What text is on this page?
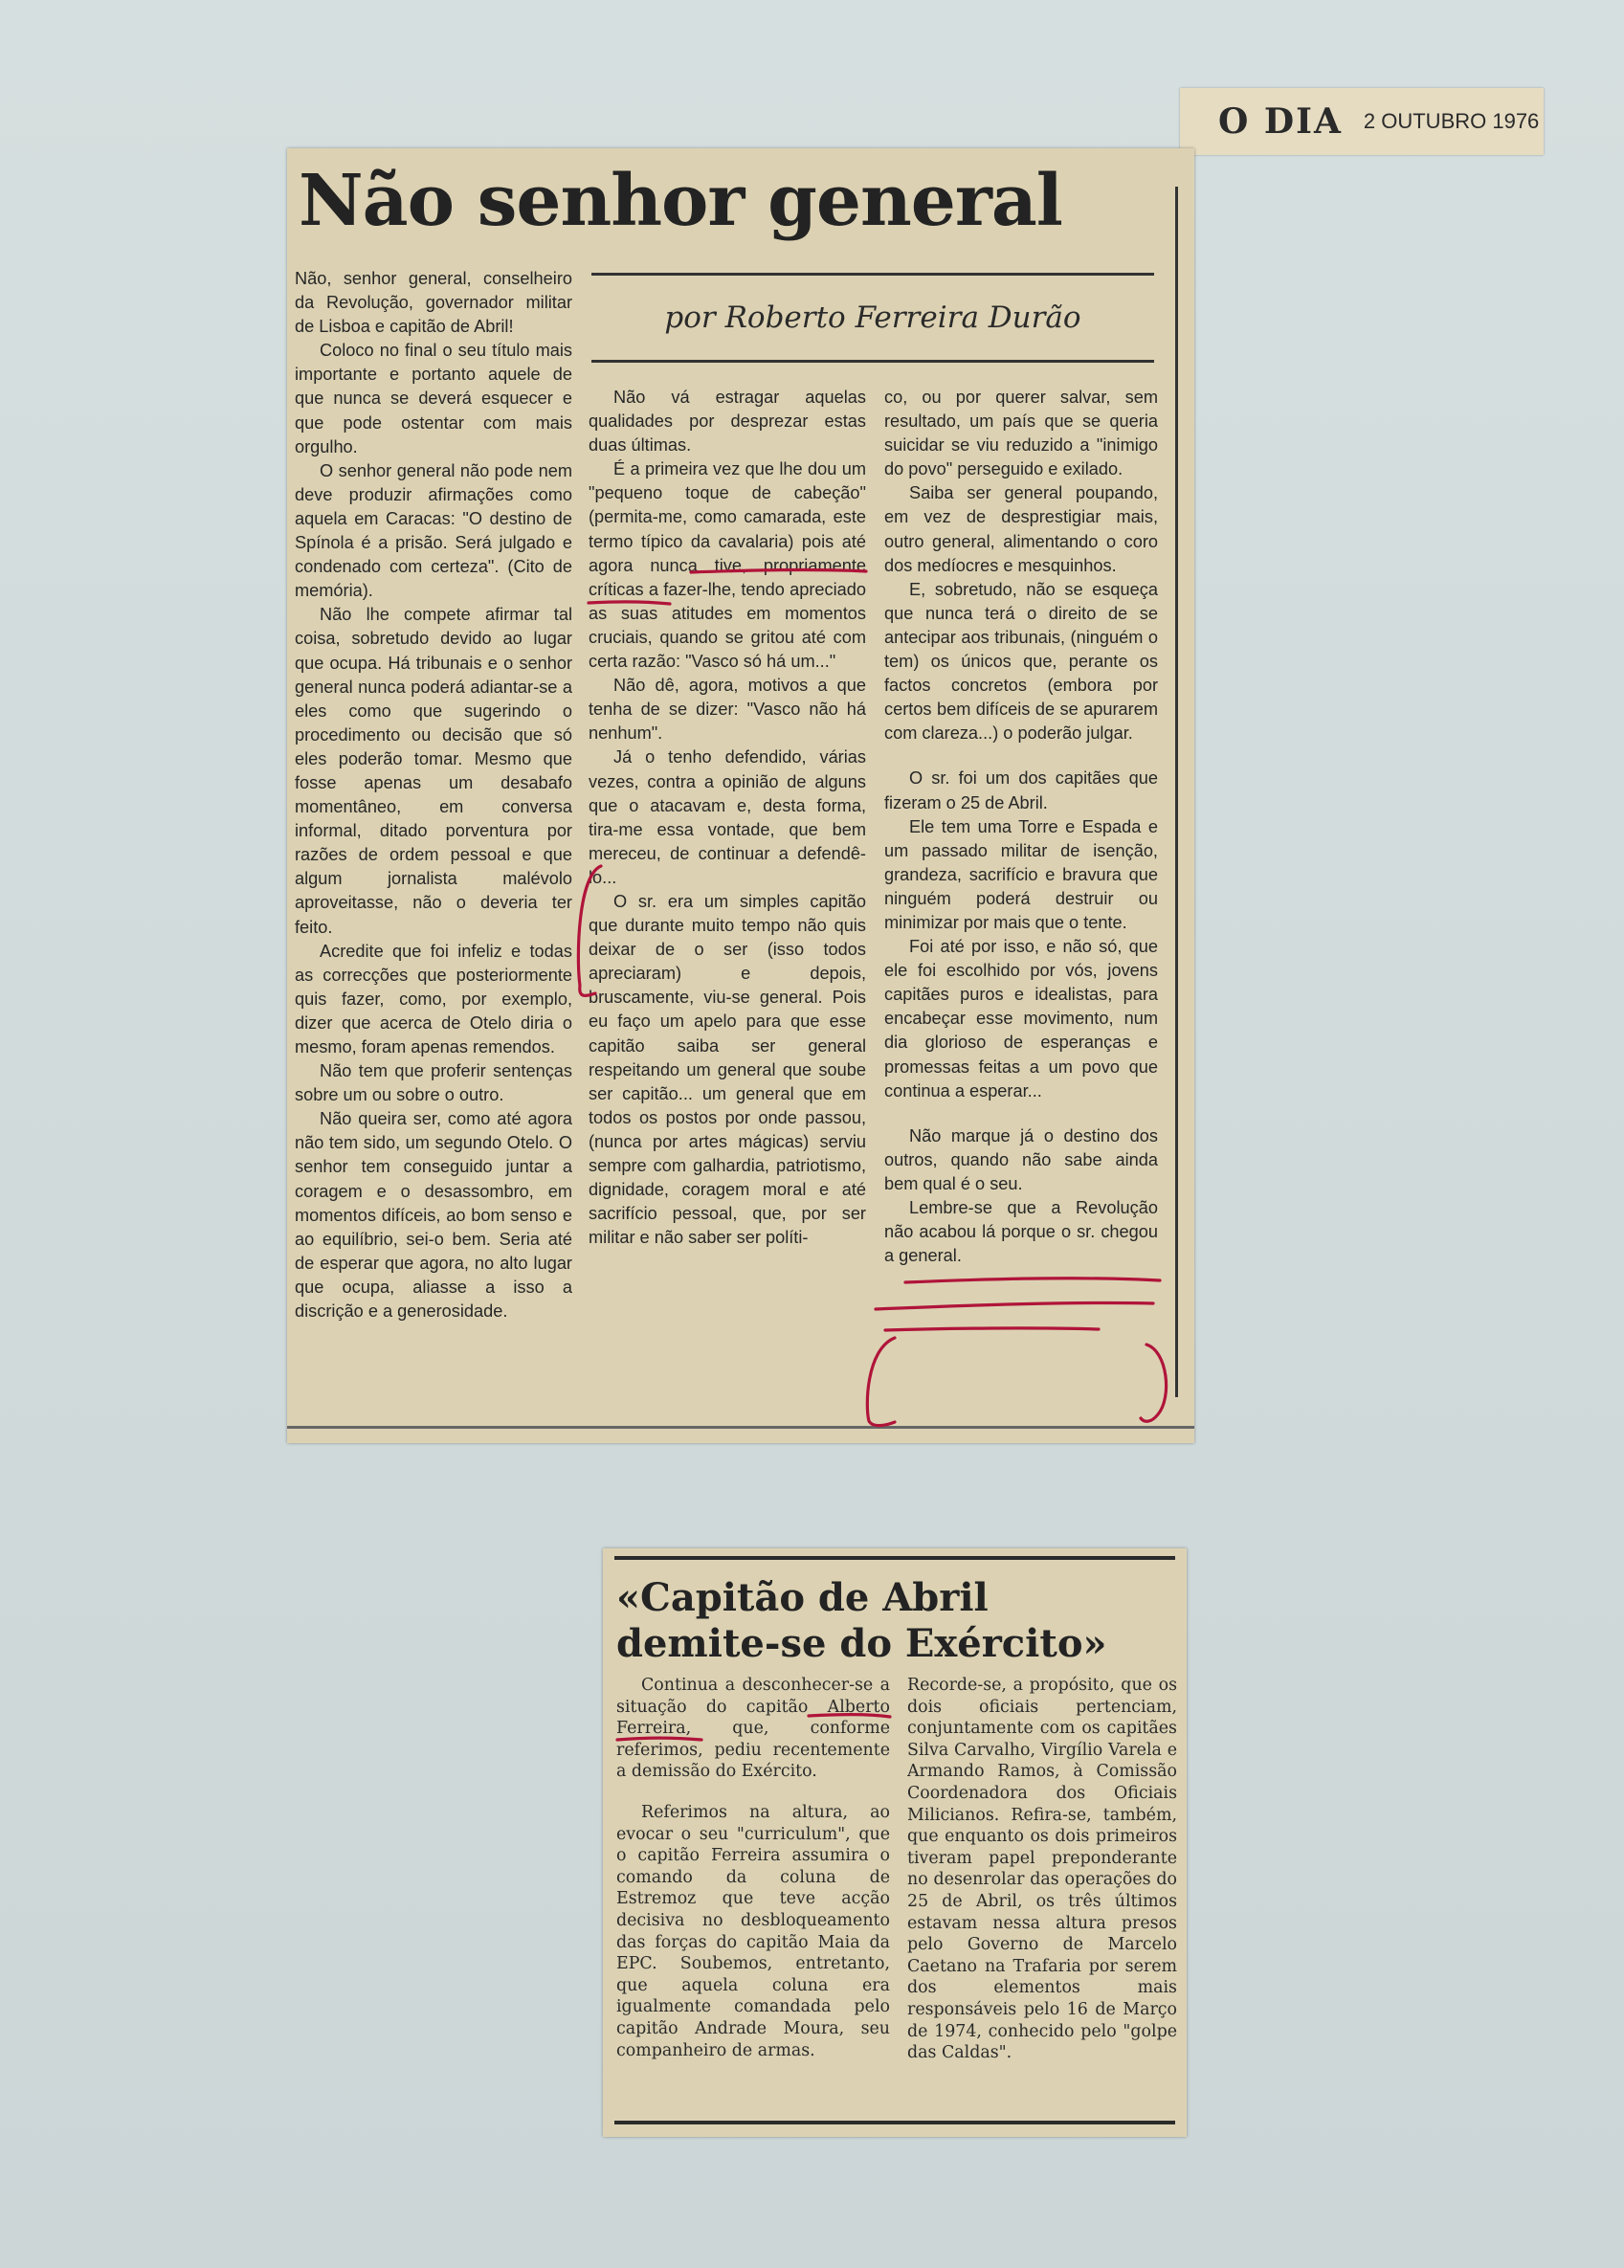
O DIA 2 OUTUBRO 1976
Não senhor general
por Roberto Ferreira Durão

Não, senhor general, conselheiro da Revolução, governador militar de Lisboa e capitão de Abril!

Coloco no final o seu título mais importante e portanto aquele de que nunca se deverá esquecer e que pode ostentar com mais orgulho.

O senhor general não pode nem deve produzir afirmações como aquela em Caracas: "O destino de Spínola é a prisão. Será julgado e condenado com certeza". (Cito de memória).

Não lhe compete afirmar tal coisa, sobretudo devido ao lugar que ocupa. Há tribunais e o senhor general nunca poderá adiantar-se a eles como que sugerindo o procedimento ou decisão que só eles poderão tomar. Mesmo que fosse apenas um desabafo momentâneo, em conversa informal, ditado porventura por razões de ordem pessoal e que algum jornalista malévolo aproveitasse, não o deveria ter feito.

Acredite que foi infeliz e todas as correcções que posteriormente quis fazer, como, por exemplo, dizer que acerca de Otelo diria o mesmo, foram apenas remendos.

Não tem que proferir sentenças sobre um ou sobre o outro.

Não queira ser, como até agora não tem sido, um segundo Otelo. O senhor tem conseguido juntar a coragem e o desassombro, em momentos difíceis, ao bom senso e ao equilíbrio, sei-o bem. Seria até de esperar que agora, no alto lugar que ocupa, aliasse a isso a discrição e a generosidade.

Não vá estragar aquelas qualidades por desprezar estas duas últimas.

É a primeira vez que lhe dou um "pequeno toque de cabeção" (permita-me, como camarada, este termo típico da cavalaria) pois até agora nunca tive, propriamente críticas a fazer-lhe, tendo apreciado as suas atitudes em momentos cruciais, quando se gritou até com certa razão: "Vasco só há um..."

Não dê, agora, motivos a que tenha de se dizer: "Vasco não há nenhum".

Já o tenho defendido, várias vezes, contra a opinião de alguns que o atacavam e, desta forma, tira-me essa vontade, que bem mereceu, de continuar a defendê-lo...

O sr. era um simples capitão que durante muito tempo não quis deixar de o ser (isso todos apreciaram) e depois, bruscamente, viu-se general. Pois eu faço um apelo para que esse capitão saiba ser general respeitando um general que soube ser capitão... um general que em todos os postos por onde passou, (nunca por artes mágicas) serviu sempre com galhardia, patriotismo, dignidade, coragem moral e até sacrifício pessoal, que, por ser militar e não saber ser políti-

co, ou por querer salvar, sem resultado, um país que se queria suicidar se viu reduzido a "inimigo do povo" perseguido e exilado.

Saiba ser general poupando, em vez de desprestigiar mais, outro general, alimentando o coro dos medíocres e mesquinhos.

E, sobretudo, não se esqueça que nunca terá o direito de se antecipar aos tribunais, (ninguém o tem) os únicos que, perante os factos concretos (embora por certos bem difíceis de se apurarem com clareza...) o poderão julgar.

O sr. foi um dos capitães que fizeram o 25 de Abril.

Ele tem uma Torre e Espada e um passado militar de isenção, grandeza, sacrifício e bravura que ninguém poderá destruir ou minimizar por mais que o tente.

Foi até por isso, e não só, que ele foi escolhido por vós, jovens capitães puros e idealistas, para encabeçar esse movimento, num dia glorioso de esperanças e promessas feitas a um povo que continua a esperar...

Não marque já o destino dos outros, quando não sabe ainda bem qual é o seu.

Lembre-se que a Revolução não acabou lá porque o sr. chegou a general.

«Capitão de Abril
demite-se do Exército»

Continua a desconhecer-se a situação do capitão Alberto Ferreira, que, conforme referimos, pediu recentemente a demissão do Exército.

Referimos na altura, ao evocar o seu "curriculum", que o capitão Ferreira assumira o comando da coluna de Estremoz que teve acção decisiva no desbloqueamento das forças do capitão Maia da EPC. Soubemos, entretanto, que aquela coluna era igualmente comandada pelo capitão Andrade Moura, seu companheiro de armas.

Recorde-se, a propósito, que os dois oficiais pertenciam, conjuntamente com os capitães Silva Carvalho, Virgílio Varela e Armando Ramos, à Comissão Coordenadora dos Oficiais Milicianos. Refira-se, também, que enquanto os dois primeiros tiveram papel preponderante no desenrolar das operações do 25 de Abril, os três últimos estavam nessa altura presos pelo Governo de Marcelo Caetano na Trafaria por serem dos elementos mais responsáveis pelo 16 de Março de 1974, conhecido pelo "golpe das Caldas".
